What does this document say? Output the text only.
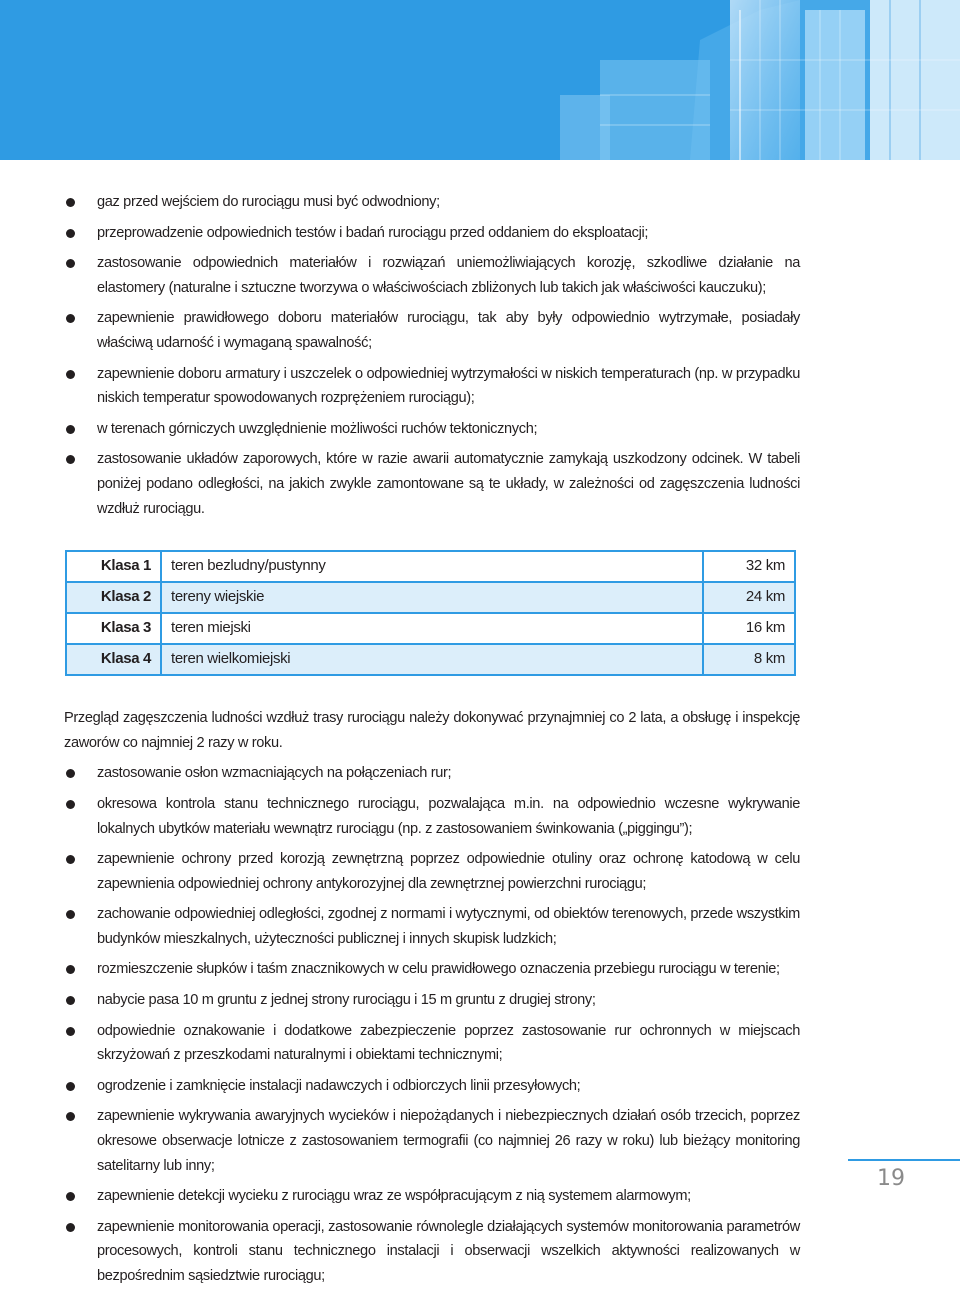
gaz przed wejściem do rurociągu musi być odwodniony;
przeprowadzenie odpowiednich testów i badań rurociągu przed oddaniem do eksploatacji;
zastosowanie odpowiednich materiałów i rozwiązań uniemożliwiających korozję, szkodliwe działanie na elastomery (naturalne i sztuczne tworzywa o właściwościach zbliżonych lub takich jak właściwości kauczuku);
zapewnienie prawidłowego doboru materiałów rurociągu, tak aby były odpowiednio wytrzymałe, posiadały właściwą udarność i wymaganą spawalność;
zapewnienie doboru armatury i uszczelek o odpowiedniej wytrzymałości w niskich temperaturach (np. w przypadku niskich temperatur spowodowanych rozprężeniem rurociągu);
w terenach górniczych uwzględnienie możliwości ruchów tektonicznych;
zastosowanie układów zaporowych, które w razie awarii automatycznie zamykają uszkodzony odcinek. W tabeli poniżej podano odległości, na jakich zwykle zamontowane są te układy, w zależności od zagęszczenia ludności wzdłuż rurociągu.
Klasa 1	teren bezludny/pustynny	32 km
Klasa 2	tereny wiejskie	24 km
Klasa 3	teren miejski	16 km
Klasa 4	teren wielkomiejski	8 km

Przegląd zagęszczenia ludności wzdłuż trasy rurociągu należy dokonywać przynajmniej co 2 lata, a obsługę i inspekcję zaworów co najmniej 2 razy w roku.

zastosowanie osłon wzmacniających na połączeniach rur;
okresowa kontrola stanu technicznego rurociągu, pozwalająca m.in. na odpowiednio wczesne wykrywanie lokalnych ubytków materiału wewnątrz rurociągu (np. z zastosowaniem świnkowania („piggingu”);
zapewnienie ochrony przed korozją zewnętrzną poprzez odpowiednie otuliny oraz ochronę katodową w celu zapewnienia odpowiedniej ochrony antykorozyjnej dla zewnętrznej powierzchni rurociągu;
zachowanie odpowiedniej odległości, zgodnej z normami i wytycznymi, od obiektów terenowych, przede wszystkim budynków mieszkalnych, użyteczności publicznej i innych skupisk ludzkich;
rozmieszczenie słupków i taśm znacznikowych w celu prawidłowego oznaczenia przebiegu rurociągu w terenie;
nabycie pasa 10 m gruntu z jednej strony rurociągu i 15 m gruntu z drugiej strony;
odpowiednie oznakowanie i dodatkowe zabezpieczenie poprzez zastosowanie rur ochronnych w miejscach skrzyżowań z przeszkodami naturalnymi i obiektami technicznymi;
ogrodzenie i zamknięcie instalacji nadawczych i odbiorczych linii przesyłowych;
zapewnienie wykrywania awaryjnych wycieków i niepożądanych i niebezpiecznych działań osób trzecich, poprzez okresowe obserwacje lotnicze z zastosowaniem termografii (co najmniej 26 razy w roku) lub bieżący monitoring satelitarny lub inny;
zapewnienie detekcji wycieku z rurociągu wraz ze współpracującym z nią systemem alarmowym;
zapewnienie monitorowania operacji, zastosowanie równolegle działających systemów monitorowania parametrów procesowych, kontroli stanu technicznego instalacji i obserwacji wszelkich aktywności realizowanych w bezpośrednim sąsiedztwie rurociągu;
19
